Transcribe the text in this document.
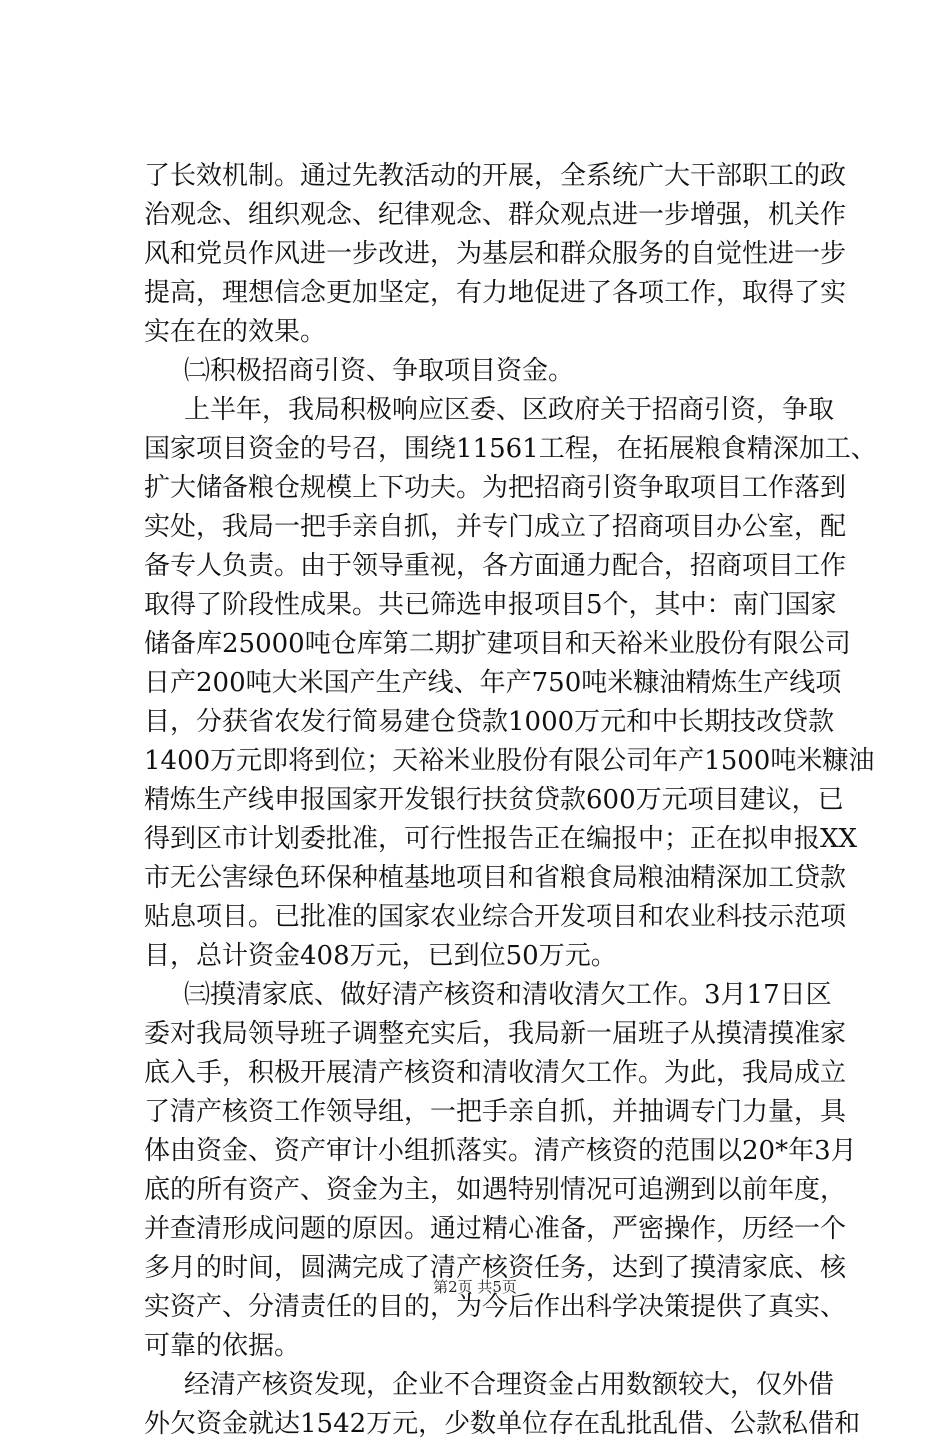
了长效机制。通过先教活动的开展，全系统广大干部职工的政
治观念、组织观念、纪律观念、群众观点进一步增强，机关作
风和党员作风进一步改进，为基层和群众服务的自觉性进一步
提高，理想信念更加坚定，有力地促进了各项工作，取得了实
实在在的效果。
㈡积极招商引资、争取项目资金。
上半年，我局积极响应区委、区政府关于招商引资，争取
国家项目资金的号召，围绕11561工程，在拓展粮食精深加工、
扩大储备粮仓规模上下功夫。为把招商引资争取项目工作落到
实处，我局一把手亲自抓，并专门成立了招商项目办公室，配
备专人负责。由于领导重视，各方面通力配合，招商项目工作
取得了阶段性成果。共已筛选申报项目5个，其中：南门国家
储备库25000吨仓库第二期扩建项目和天裕米业股份有限公司
日产200吨大米国产生产线、年产750吨米糠油精炼生产线项
目，分获省农发行简易建仓贷款1000万元和中长期技改贷款
1400万元即将到位；天裕米业股份有限公司年产1500吨米糠油
精炼生产线申报国家开发银行扶贫贷款600万元项目建议，已
得到区市计划委批准，可行性报告正在编报中；正在拟申报XX
市无公害绿色环保种植基地项目和省粮食局粮油精深加工贷款
贴息项目。已批准的国家农业综合开发项目和农业科技示范项
目，总计资金408万元，已到位50万元。
㈢摸清家底、做好清产核资和清收清欠工作。3月17日区
委对我局领导班子调整充实后，我局新一届班子从摸清摸准家
底入手，积极开展清产核资和清收清欠工作。为此，我局成立
了清产核资工作领导组，一把手亲自抓，并抽调专门力量，具
体由资金、资产审计小组抓落实。清产核资的范围以20*年3月
底的所有资产、资金为主，如遇特别情况可追溯到以前年度，
并查清形成问题的原因。通过精心准备，严密操作，历经一个
多月的时间，圆满完成了清产核资任务，达到了摸清家底、核
实资产、分清责任的目的，为今后作出科学决策提供了真实、
可靠的依据。
经清产核资发现，企业不合理资金占用数额较大，仅外借
外欠资金就达1542万元，少数单位存在乱批乱借、公款私借和
第2页 共5页
